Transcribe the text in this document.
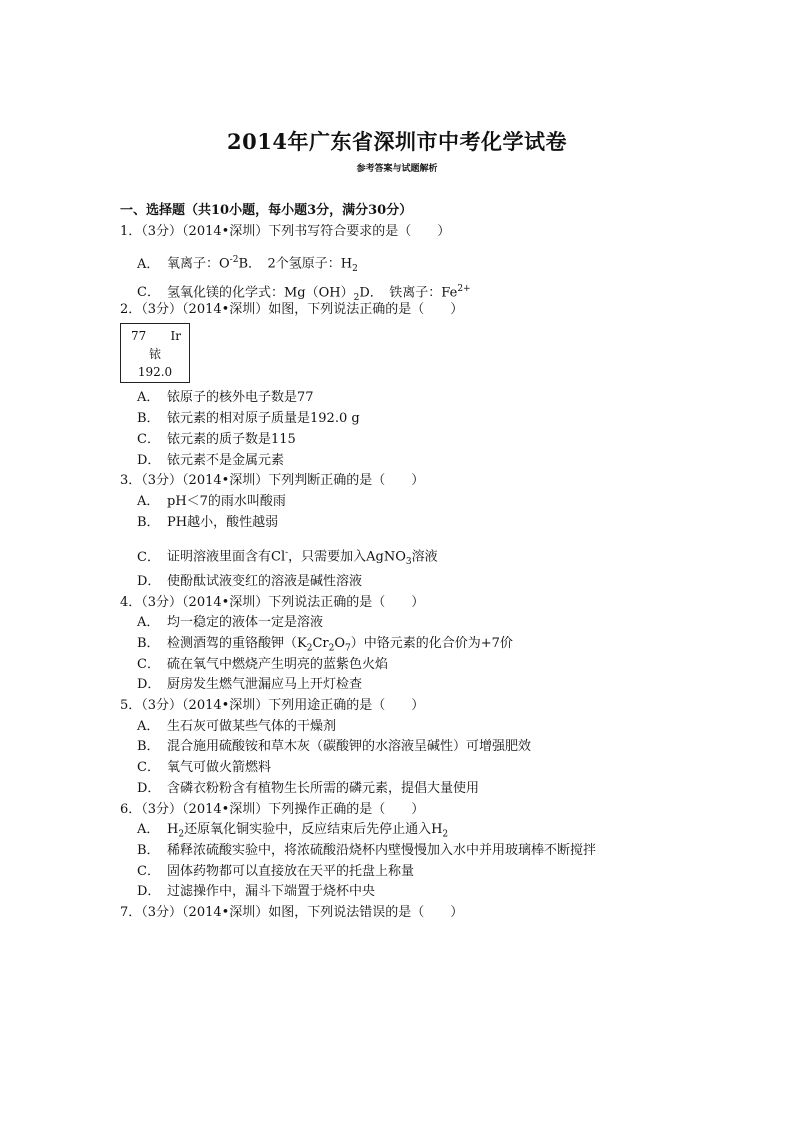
2014年广东省深圳市中考化学试卷
参考答案与试题解析
一、选择题（共10小题，每小题3分，满分30分）
1．（3分）（2014•深圳）下列书写符合要求的是（　　）
A． 氧离子：$O^{-2}B$．　2个氢原子：$H_2$
C． 氢氧化镁的化学式：$Mg(OH)_2D$．　铁离子：$Fe^{2+}$
2．（3分）（2014•深圳）如图，下列说法正确的是（　　）
77 Ir
铱
192.0
A． 铱原子的核外电子数是77
B． 铱元素的相对原子质量是192.0 g
C． 铱元素的质子数是115
D． 铱元素不是金属元素
3．（3分）（2014•深圳）下列判断正确的是（　　）
A． pH＜7的雨水叫酸雨
B． PH越小，酸性越弱
C． 证明溶液里面含有Cl-，只需要加入AgNO$_3$溶液
D． 使酚酞试液变红的溶液是碱性溶液
4．（3分）（2014•深圳）下列说法正确的是（　　）
A． 均一稳定的液体一定是溶液
B． 检测酒驾的重铬酸钾$(K_2Cr_2O_7)$中铬元素的化合价为+7价
C． 硫在氧气中燃烧产生明亮的蓝紫色火焰
D． 厨房发生燃气泄漏应马上开灯检查
5．（3分）（2014•深圳）下列用途正确的是（　　）
A． 生石灰可做某些气体的干燥剂
B． 混合施用硫酸铵和草木灰（碳酸钾的水溶液呈碱性）可增强肥效
C． 氧气可做火箭燃料
D． 含磷衣粉粉含有植物生长所需的磷元素，提倡大量使用
6．（3分）（2014•深圳）下列操作正确的是（　　）
A． $H_2$还原氧化铜实验中，反应结束后先停止通入$H_2$
B． 稀释浓硫酸实验中，将浓硫酸沿烧杯内壁慢慢加入水中并用玻璃棒不断搅拌
C． 固体药物都可以直接放在天平的托盘上称量
D． 过滤操作中，漏斗下端置于烧杯中央
7．（3分）（2014•深圳）如图，下列说法错误的是（　　）
